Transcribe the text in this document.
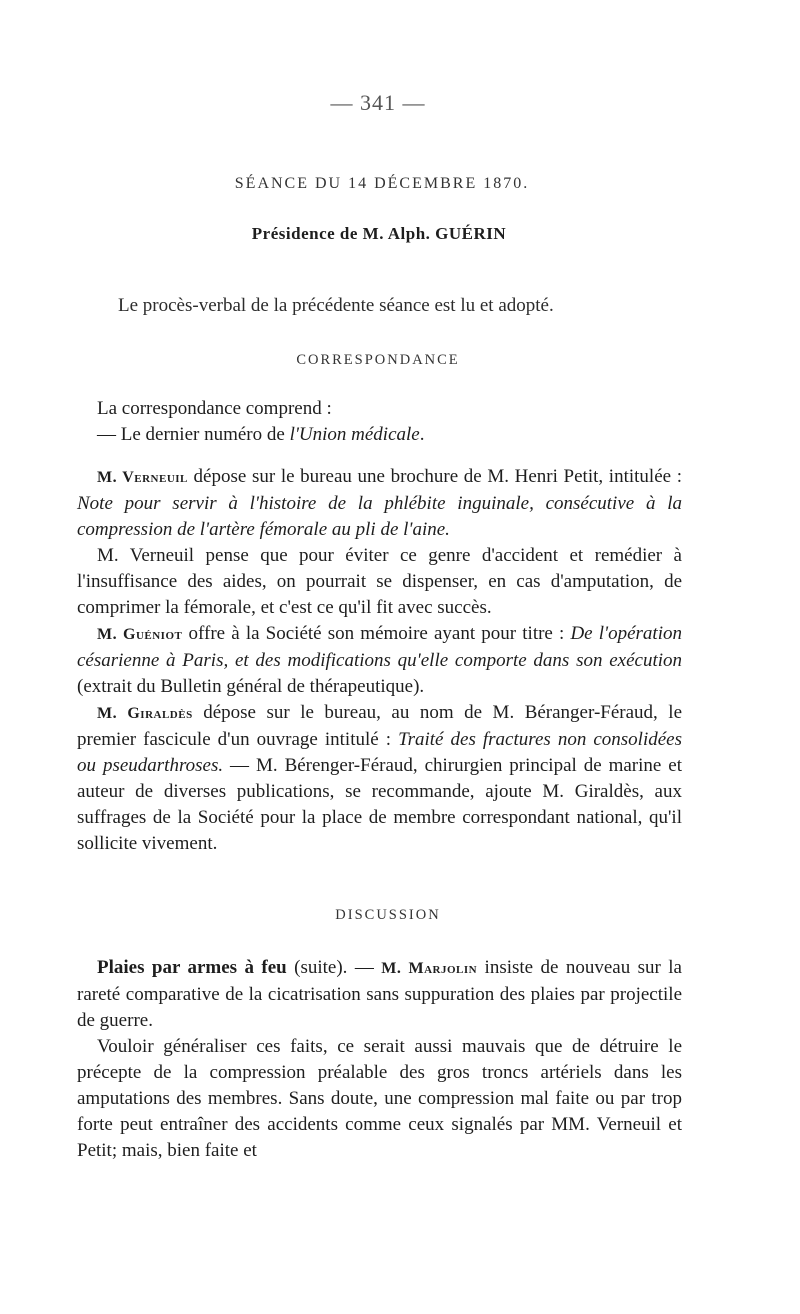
— 341 —
SÉANCE DU 14 DÉCEMBRE 1870.
Présidence de M. Alph. GUÉRIN
Le procès-verbal de la précédente séance est lu et adopté.
CORRESPONDANCE

La correspondance comprend :

— Le dernier numéro de l'Union médicale.

M. Verneuil dépose sur le bureau une brochure de M. Henri Petit, intitulée : Note pour servir à l'histoire de la phlébite inguinale, consécutive à la compression de l'artère fémorale au pli de l'aine.

M. Verneuil pense que pour éviter ce genre d'accident et remédier à l'insuffisance des aides, on pourrait se dispenser, en cas d'amputation, de comprimer la fémorale, et c'est ce qu'il fit avec succès.

M. Guéniot offre à la Société son mémoire ayant pour titre : De l'opération césarienne à Paris, et des modifications qu'elle comporte dans son exécution (extrait du Bulletin général de thérapeutique).

M. Giraldès dépose sur le bureau, au nom de M. Béranger-Féraud, le premier fascicule d'un ouvrage intitulé : Traité des fractures non consolidées ou pseudarthroses. — M. Bérenger-Féraud, chirurgien principal de marine et auteur de diverses publications, se recommande, ajoute M. Giraldès, aux suffrages de la Société pour la place de membre correspondant national, qu'il sollicite vivement.

DISCUSSION

Plaies par armes à feu (suite). — M. Marjolin insiste de nouveau sur la rareté comparative de la cicatrisation sans suppuration des plaies par projectile de guerre.

Vouloir généraliser ces faits, ce serait aussi mauvais que de détruire le précepte de la compression préalable des gros troncs artériels dans les amputations des membres. Sans doute, une compression mal faite ou par trop forte peut entraîner des accidents comme ceux signalés par MM. Verneuil et Petit; mais, bien faite et
